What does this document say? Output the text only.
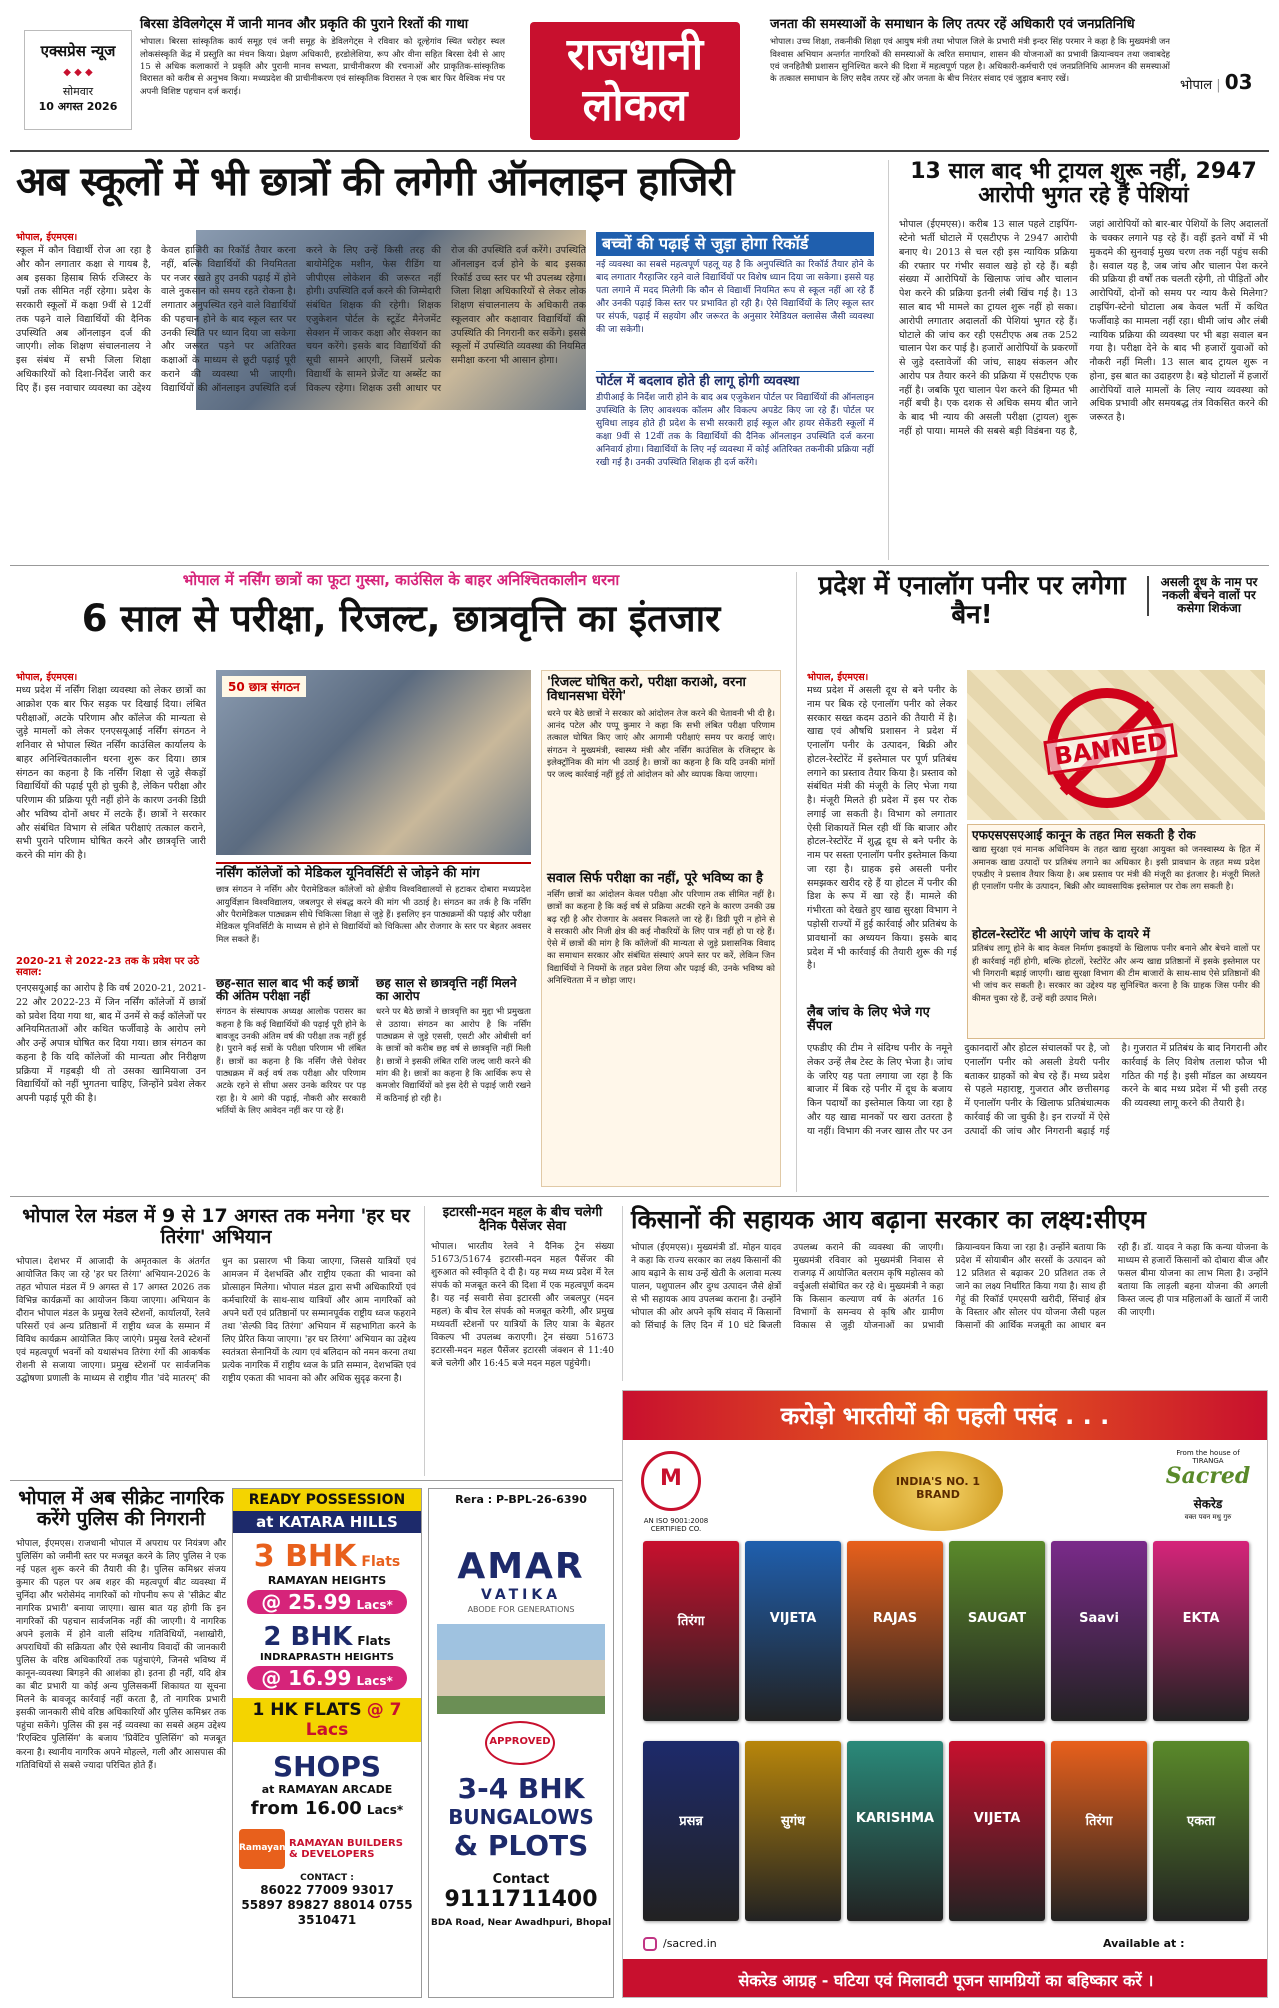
एक्सप्रेस न्यूज
◆ ◆ ◆
सोमवार
10 अगस्त 2026
बिरसा डेविलगेट्स में जानी मानव और प्रकृति की पुराने रिश्तों की गाथा
भोपाल। बिरसा सांस्कृतिक कार्य समूह एवं जनी समूह के डेविलगेट्स ने रविवार को दूल्हेगांव स्थित धरोहर स्थल लोकसंस्कृति केंद्र में प्रस्तुति का मंचन किया। प्रेक्षण अधिकारी, हरडोलेशिया, रूप और वीना सहित बिरसा देवी से आए 15 से अधिक कलाकारों ने प्रकृति और पुरानी मानव सभ्यता, प्राचीनीकरण की रचनाओं और प्राकृतिक-सांस्कृतिक विरासत को करीब से अनुभव किया। मध्यप्रदेश की प्राचीनीकरण एवं सांस्कृतिक विरासत ने एक बार फिर वैश्विक मंच पर अपनी विशिष्ट पहचान दर्ज कराई।
राजधानी लोकल
जनता की समस्याओं के समाधान के लिए तत्पर रहें अधिकारी एवं जनप्रतिनिधि
भोपाल। उच्च शिक्षा, तकनीकी शिक्षा एवं आयुष मंत्री तथा भोपाल जिले के प्रभारी मंत्री इन्दर सिंह परमार ने कहा है कि मुख्यमंत्री जन विश्वास अभियान अन्तर्गत नागरिकों की समस्याओं के त्वरित समाधान, शासन की योजनाओं का प्रभावी क्रियान्वयन तथा जवाबदेह एवं जनहितैषी प्रशासन सुनिश्चित करने की दिशा में महत्वपूर्ण पहल है। अधिकारी-कर्मचारी एवं जनप्रतिनिधि आमजन की समस्याओं के तत्काल समाधान के लिए सदैव तत्पर रहें और जनता के बीच निरंतर संवाद एवं जुड़ाव बनाए रखें।	भोपाल | 03
अब स्कूलों में भी छात्रों की लगेगी ऑनलाइन हाजिरी
भोपाल, ईएमएस।
स्कूल में कौन विद्यार्थी रोज आ रहा है और कौन लगातार कक्षा से गायब है, अब इसका हिसाब सिर्फ रजिस्टर के पन्नों तक सीमित नहीं रहेगा। प्रदेश के सरकारी स्कूलों में कक्षा 9वीं से 12वीं तक पढ़ने वाले विद्यार्थियों की दैनिक उपस्थिति अब ऑनलाइन दर्ज की जाएगी। लोक शिक्षण संचालनालय ने इस संबंध में सभी जिला शिक्षा अधिकारियों को दिशा-निर्देश जारी कर दिए हैं। इस नवाचार व्यवस्था का उद्देश्य केवल हाजिरी का रिकॉर्ड तैयार करना नहीं, बल्कि विद्यार्थियों की नियमितता पर नजर रखते हुए उनकी पढ़ाई में होने वाले नुकसान को समय रहते रोकना है। लगातार अनुपस्थित रहने वाले विद्यार्थियों की पहचान होने के बाद स्कूल स्तर पर उनकी स्थिति पर ध्यान दिया जा सकेगा और जरूरत पड़ने पर अतिरिक्त कक्षाओं के माध्यम से छूटी पढ़ाई पूरी कराने की व्यवस्था भी जाएगी। विद्यार्थियों की ऑनलाइन उपस्थिति दर्ज करने के लिए उन्हें किसी तरह की बायोमेट्रिक मशीन, फेस रीडिंग या जीपीएस लोकेशन की जरूरत नहीं होगी। उपस्थिति दर्ज करने की जिम्मेदारी संबंधित शिक्षक की रहेगी। शिक्षक एजुकेशन पोर्टल के स्टूडेंट मैनेजमेंट सेक्शन में जाकर कक्षा और सेक्शन का चयन करेंगे। इसके बाद विद्यार्थियों की सूची सामने आएगी, जिसमें प्रत्येक विद्यार्थी के सामने प्रेजेंट या अब्सेंट का विकल्प रहेगा। शिक्षक उसी आधार पर रोज की उपस्थिति दर्ज करेंगे। उपस्थिति ऑनलाइन दर्ज होने के बाद इसका रिकॉर्ड उच्च स्तर पर भी उपलब्ध रहेगा। जिला शिक्षा अधिकारियों से लेकर लोक शिक्षण संचालनालय के अधिकारी तक स्कूलवार और कक्षावार विद्यार्थियों की उपस्थिति की निगरानी कर सकेंगे। इससे स्कूलों में उपस्थिति व्यवस्था की नियमित समीक्षा करना भी आसान होगा।
बच्चों की पढ़ाई से जुड़ा होगा रिकॉर्ड
नई व्यवस्था का सबसे महत्वपूर्ण पहलू यह है कि अनुपस्थिति का रिकॉर्ड तैयार होने के बाद लगातार गैरहाजिर रहने वाले विद्यार्थियों पर विशेष ध्यान दिया जा सकेगा। इससे यह पता लगाने में मदद मिलेगी कि कौन से विद्यार्थी नियमित रूप से स्कूल नहीं आ रहे हैं और उनकी पढ़ाई किस स्तर पर प्रभावित हो रही है। ऐसे विद्यार्थियों के लिए स्कूल स्तर पर संपर्क, पढ़ाई में सहयोग और जरूरत के अनुसार रेमेडियल क्लासेस जैसी व्यवस्था की जा सकेगी।
पोर्टल में बदलाव होते ही लागू होगी व्यवस्था
डीपीआई के निर्देश जारी होने के बाद अब एजुकेशन पोर्टल पर विद्यार्थियों की ऑनलाइन उपस्थिति के लिए आवश्यक कॉलम और विकल्प अपडेट किए जा रहे हैं। पोर्टल पर सुविधा लाइव होते ही प्रदेश के सभी सरकारी हाई स्कूल और हायर सेकेंडरी स्कूलों में कक्षा 9वीं से 12वीं तक के विद्यार्थियों की दैनिक ऑनलाइन उपस्थिति दर्ज करना अनिवार्य होगा। विद्यार्थियों के लिए नई व्यवस्था में कोई अतिरिक्त तकनीकी प्रक्रिया नहीं रखी गई है। उनकी उपस्थिति शिक्षक ही दर्ज करेंगे।
13 साल बाद भी ट्रायल शुरू नहीं, 2947 आरोपी भुगत रहे हैं पेशियां
भोपाल (ईएमएस)। करीब 13 साल पहले टाइपिंग-स्टेनो भर्ती घोटाले में एसटीएफ ने 2947 आरोपी बनाए थे। 2013 से चल रही इस न्यायिक प्रक्रिया की रफ्तार पर गंभीर सवाल खड़े हो रहे हैं। बड़ी संख्या में आरोपियों के खिलाफ जांच और चालान पेश करने की प्रक्रिया इतनी लंबी खिंच गई है। 13 साल बाद भी मामले का ट्रायल शुरू नहीं हो सका। आरोपी लगातार अदालतों की पेशियां भुगत रहे हैं। घोटाले की जांच कर रही एसटीएफ अब तक 252 चालान पेश कर पाई है। हजारों आरोपियों के प्रकरणों से जुड़े दस्तावेजों की जांच, साक्ष्य संकलन और आरोप पत्र तैयार करने की प्रक्रिया में एसटीएफ एक नहीं है। जबकि पूरा चालान पेश करने की हिम्मत भी नहीं बची है। एक दशक से अधिक समय बीत जाने के बाद भी न्याय की असली परीक्षा (ट्रायल) शुरू नहीं हो पाया। मामले की सबसे बड़ी विडंबना यह है, जहां आरोपियों को बार-बार पेशियों के लिए अदालतों के चक्कर लगाने पड़ रहे हैं। वहीं इतने वर्षों में भी मुकदमे की सुनवाई मुख्य चरण तक नहीं पहुंच सकी है। सवाल यह है, जब जांच और चालान पेश करने की प्रक्रिया ही वर्षों तक चलती रहेगी, तो पीड़ितों और आरोपियों, दोनों को समय पर न्याय कैसे मिलेगा? टाइपिंग-स्टेनो घोटाला अब केवल भर्ती में कथित फर्जीवाड़े का मामला नहीं रहा। धीमी जांच और लंबी न्यायिक प्रक्रिया की व्यवस्था पर भी बड़ा सवाल बन गया है। परीक्षा देने के बाद भी हजारों युवाओं को नौकरी नहीं मिली। 13 साल बाद ट्रायल शुरू न होना, इस बात का उदाहरण है। बड़े घोटालों में हजारों आरोपियों वाले मामलों के लिए न्याय व्यवस्था को अधिक प्रभावी और समयबद्ध तंत्र विकसित करने की जरूरत है।
भोपाल में नर्सिंग छात्रों का फूटा गुस्सा, काउंसिल के बाहर अनिश्चितकालीन धरना
6 साल से परीक्षा, रिजल्ट, छात्रवृत्ति का इंतजार
भोपाल, ईएमएस।
मध्य प्रदेश में नर्सिंग शिक्षा व्यवस्था को लेकर छात्रों का आक्रोश एक बार फिर सड़क पर दिखाई दिया। लंबित परीक्षाओं, अटके परिणाम और कॉलेज की मान्यता से जुड़े मामलों को लेकर एनएसयूआई नर्सिंग संगठन ने शनिवार से भोपाल स्थित नर्सिंग काउंसिल कार्यालय के बाहर अनिश्चितकालीन धरना शुरू कर दिया। छात्र संगठन का कहना है कि नर्सिंग शिक्षा से जुड़े सैकड़ों विद्यार्थियों की पढ़ाई पूरी हो चुकी है, लेकिन परीक्षा और परिणाम की प्रक्रिया पूरी नहीं होने के कारण उनकी डिग्री और भविष्य दोनों अधर में लटके हैं। छात्रों ने सरकार और संबंधित विभाग से लंबित परीक्षाएं तत्काल कराने, सभी पुराने परिणाम घोषित करने और छात्रवृत्ति जारी करने की मांग की है।
2020-21 से 2022-23 तक के प्रवेश पर उठे सवाल:
एनएसयूआई का आरोप है कि वर्ष 2020-21, 2021-22 और 2022-23 में जिन नर्सिंग कॉलेजों में छात्रों को प्रवेश दिया गया था, बाद में उनमें से कई कॉलेजों पर अनियमितताओं और कथित फर्जीवाड़े के आरोप लगे और उन्हें अपात्र घोषित कर दिया गया। छात्र संगठन का कहना है कि यदि कॉलेजों की मान्यता और निरीक्षण प्रक्रिया में गड़बड़ी थी तो उसका खामियाजा उन विद्यार्थियों को नहीं भुगतना चाहिए, जिन्होंने प्रवेश लेकर अपनी पढ़ाई पूरी की है।
50 छात्र संगठन
नर्सिंग कॉलेजों को मेडिकल यूनिवर्सिटी से जोड़ने की मांग
छात्र संगठन ने नर्सिंग और पैरामेडिकल कॉलेजों को क्षेत्रीय विश्वविद्यालयों से हटाकर दोबारा मध्यप्रदेश आयुर्विज्ञान विश्वविद्यालय, जबलपुर से संबद्ध करने की मांग भी उठाई है। संगठन का तर्क है कि नर्सिंग और पैरामेडिकल पाठ्यक्रम सीधे चिकित्सा शिक्षा से जुड़े हैं। इसलिए इन पाठ्यक्रमों की पढ़ाई और परीक्षा मेडिकल यूनिवर्सिटी के माध्यम से होने से विद्यार्थियों को चिकित्सा और रोजगार के स्तर पर बेहतर अवसर मिल सकते हैं।
छह-सात साल बाद भी कई छात्रों की अंतिम परीक्षा नहीं
संगठन के संस्थापक अध्यक्ष आलोक परासर का कहना है कि कई विद्यार्थियों की पढ़ाई पूरी होने के बावजूद उनकी अंतिम वर्ष की परीक्षा तक नहीं हुई है। पुराने कई सत्रों के परीक्षा परिणाम भी लंबित हैं। छात्रों का कहना है कि नर्सिंग जैसे पेशेवर पाठ्यक्रम में कई वर्ष तक परीक्षा और परिणाम अटके रहने से सीधा असर उनके करियर पर पड़ रहा है। ये आगे की पढ़ाई, नौकरी और सरकारी भर्तियों के लिए आवेदन नहीं कर पा रहे हैं।
छह साल से छात्रवृत्ति नहीं मिलने का आरोप
धरने पर बैठे छात्रों ने छात्रवृत्ति का मुद्दा भी प्रमुखता से उठाया। संगठन का आरोप है कि नर्सिंग पाठ्यक्रम से जुड़े एससी, एसटी और ओबीसी वर्ग के छात्रों को करीब छह वर्ष से छात्रवृत्ति नहीं मिली है। छात्रों ने इसकी लंबित राशि जल्द जारी करने की मांग की है। छात्रों का कहना है कि आर्थिक रूप से कमजोर विद्यार्थियों को इस देरी से पढ़ाई जारी रखने में कठिनाई हो रही है।
'रिजल्ट घोषित करो, परीक्षा कराओ, वरना विधानसभा घेरेंगे'
धरने पर बैठे छात्रों ने सरकार को आंदोलन तेज करने की चेतावनी भी दी है। आनंद पटेल और पप्पू कुमार ने कहा कि सभी लंबित परीक्षा परिणाम तत्काल घोषित किए जाएं और आगामी परीक्षाएं समय पर कराई जाएं। संगठन ने मुख्यमंत्री, स्वास्थ्य मंत्री और नर्सिंग काउंसिल के रजिस्ट्रार के इलेक्ट्रॉनिक की मांग भी उठाई है। छात्रों का कहना है कि यदि उनकी मांगों पर जल्द कार्रवाई नहीं हुई तो आंदोलन को और व्यापक किया जाएगा।
सवाल सिर्फ परीक्षा का नहीं, पूरे भविष्य का है
नर्सिंग छात्रों का आंदोलन केवल परीक्षा और परिणाम तक सीमित नहीं है। छात्रों का कहना है कि कई वर्ष से प्रक्रिया अटकी रहने के कारण उनकी उम्र बढ़ रही है और रोजगार के अवसर निकलते जा रहे हैं। डिग्री पूरी न होने से वे सरकारी और निजी क्षेत्र की कई नौकरियों के लिए पात्र नहीं हो पा रहे हैं। ऐसे में छात्रों की मांग है कि कॉलेजों की मान्यता से जुड़े प्रशासनिक विवाद का समाधान सरकार और संबंधित संस्थाएं अपने स्तर पर करें, लेकिन जिन विद्यार्थियों ने नियमों के तहत प्रवेश लिया और पढ़ाई की, उनके भविष्य को अनिश्चितता में न छोड़ा जाए।
प्रदेश में एनालॉग पनीर पर लगेगा बैन!
असली दूध के नाम पर नकली बेचने वालों पर कसेगा शिकंजा
भोपाल, ईएमएस।
मध्य प्रदेश में असली दूध से बने पनीर के नाम पर बिक रहे एनालॉग पनीर को लेकर सरकार सख्त कदम उठाने की तैयारी में है। खाद्य एवं औषधि प्रशासन ने प्रदेश में एनालॉग पनीर के उत्पादन, बिक्री और होटल-रेस्टोरेंट में इस्तेमाल पर पूर्ण प्रतिबंध लगाने का प्रस्ताव तैयार किया है। प्रस्ताव को संबंधित मंत्री की मंजूरी के लिए भेजा गया है। मंजूरी मिलते ही प्रदेश में इस पर रोक लगाई जा सकती है। विभाग को लगातार ऐसी शिकायतें मिल रही थीं कि बाजार और होटल-रेस्टोरेंट में शुद्ध दूध से बने पनीर के नाम पर सस्ता एनालॉग पनीर इस्तेमाल किया जा रहा है। ग्राहक इसे असली पनीर समझकर खरीद रहे हैं या होटल में पनीर की डिश के रूप में खा रहे हैं। मामले की गंभीरता को देखते हुए खाद्य सुरक्षा विभाग ने पड़ोसी राज्यों में हुई कार्रवाई और प्रतिबंध के प्रावधानों का अध्ययन किया। इसके बाद प्रदेश में भी कार्रवाई की तैयारी शुरू की गई है।
लैब जांच के लिए भेजे गए सैंपल
एफडीए की टीम ने संदिग्ध पनीर के नमूने लेकर उन्हें लैब टेस्ट के लिए भेजा है। जांच के जरिए यह पता लगाया जा रहा है कि बाजार में बिक रहे पनीर में दूध के बजाय किन पदार्थों का इस्तेमाल किया जा रहा है और यह खाद्य मानकों पर खरा उतरता है या नहीं। विभाग की नजर खास तौर पर उन दुकानदारों और होटल संचालकों पर है, जो एनालॉग पनीर को असली डेयरी पनीर बताकर ग्राहकों को बेच रहे हैं। मध्य प्रदेश से पहले महाराष्ट्र, गुजरात और छत्तीसगढ़ में एनालॉग पनीर के खिलाफ प्रतिबंधात्मक कार्रवाई की जा चुकी है। इन राज्यों में ऐसे उत्पादों की जांच और निगरानी बढ़ाई गई है। गुजरात में प्रतिबंध के बाद निगरानी और कार्रवाई के लिए विशेष तलाश फौज भी गठित की गई है। इसी मॉडल का अध्ययन करने के बाद मध्य प्रदेश में भी इसी तरह की व्यवस्था लागू करने की तैयारी है।
BANNED
एफएसएसएआई कानून के तहत मिल सकती है रोक
खाद्य सुरक्षा एवं मानक अधिनियम के तहत खाद्य सुरक्षा आयुक्त को जनस्वास्थ्य के हित में अमानक खाद्य उत्पादों पर प्रतिबंध लगाने का अधिकार है। इसी प्रावधान के तहत मध्य प्रदेश एफडीए ने प्रस्ताव तैयार किया है। अब प्रस्ताव पर मंत्री की मंजूरी का इंतजार है। मंजूरी मिलते ही एनालॉग पनीर के उत्पादन, बिक्री और व्यावसायिक इस्तेमाल पर रोक लग सकती है।
होटल-रेस्टोरेंट भी आएंगे जांच के दायरे में
प्रतिबंध लागू होने के बाद केवल निर्माण इकाइयों के खिलाफ पनीर बनाने और बेचने वालों पर ही कार्रवाई नहीं होगी, बल्कि होटलों, रेस्टोरेंट और अन्य खाद्य प्रतिष्ठानों में इसके इस्तेमाल पर भी निगरानी बढ़ाई जाएगी। खाद्य सुरक्षा विभाग की टीम बाजारों के साथ-साथ ऐसे प्रतिष्ठानों की भी जांच कर सकती है। सरकार का उद्देश्य यह सुनिश्चित करना है कि ग्राहक जिस पनीर की कीमत चुका रहे हैं, उन्हें वही उत्पाद मिले।
भोपाल रेल मंडल में 9 से 17 अगस्त तक मनेगा 'हर घर तिरंगा' अभियान
भोपाल। देशभर में आजादी के अमृतकाल के अंतर्गत आयोजित किए जा रहे 'हर घर तिरंगा' अभियान-2026 के तहत भोपाल मंडल में 9 अगस्त से 17 अगस्त 2026 तक विभिन्न कार्यक्रमों का आयोजन किया जाएगा। अभियान के दौरान भोपाल मंडल के प्रमुख रेलवे स्टेशनों, कार्यालयों, रेलवे परिसरों एवं अन्य प्रतिष्ठानों में राष्ट्रीय ध्वज के सम्मान में विविध कार्यक्रम आयोजित किए जाएंगे। प्रमुख रेलवे स्टेशनों एवं महत्वपूर्ण भवनों को यथासंभव तिरंगा रंगों की आकर्षक रोशनी से सजाया जाएगा। प्रमुख स्टेशनों पर सार्वजनिक उद्घोषणा प्रणाली के माध्यम से राष्ट्रीय गीत 'वंदे मातरम्' की धुन का प्रसारण भी किया जाएगा, जिससे यात्रियों एवं आमजन में देशभक्ति और राष्ट्रीय एकता की भावना को प्रोत्साहन मिलेगा। भोपाल मंडल द्वारा सभी अधिकारियों एवं कर्मचारियों के साथ-साथ यात्रियों और आम नागरिकों को अपने घरों एवं प्रतिष्ठानों पर सम्मानपूर्वक राष्ट्रीय ध्वज फहराने तथा 'सेल्फी विद तिरंगा' अभियान में सहभागिता करने के लिए प्रेरित किया जाएगा। 'हर घर तिरंगा' अभियान का उद्देश्य स्वतंत्रता सेनानियों के त्याग एवं बलिदान को नमन करना तथा प्रत्येक नागरिक में राष्ट्रीय ध्वज के प्रति सम्मान, देशभक्ति एवं राष्ट्रीय एकता की भावना को और अधिक सुदृढ़ करना है।
इटारसी-मदन महल के बीच चलेगी दैनिक पैसेंजर सेवा
भोपाल। भारतीय रेलवे ने दैनिक ट्रेन संख्या 51673/51674 इटारसी-मदन महल पैसेंजर की शुरुआत को स्वीकृति दे दी है। यह मध्य मध्य प्रदेश में रेल संपर्क को मजबूत करने की दिशा में एक महत्वपूर्ण कदम है। यह नई सवारी सेवा इटारसी और जबलपुर (मदन महल) के बीच रेल संपर्क को मजबूत करेगी, और प्रमुख मध्यवर्ती स्टेशनों पर यात्रियों के लिए यात्रा के बेहतर विकल्प भी उपलब्ध कराएगी। ट्रेन संख्या 51673 इटारसी-मदन महल पैसेंजर इटारसी जंक्शन से 11:40 बजे चलेगी और 16:45 बजे मदन महल पहुंचेगी।
किसानों की सहायक आय बढ़ाना सरकार का लक्ष्य:सीएम
भोपाल (ईएमएस)। मुख्यमंत्री डॉ. मोहन यादव ने कहा कि राज्य सरकार का लक्ष्य किसानों की आय बढ़ाने के साथ उन्हें खेती के अलावा मत्स्य पालन, पशुपालन और दुग्ध उत्पादन जैसे क्षेत्रों से भी सहायक आय उपलब्ध कराना है। उन्होंने भोपाल की ओर अपने कृषि संवाद में किसानों को सिंचाई के लिए दिन में 10 घंटे बिजली उपलब्ध कराने की व्यवस्था की जाएगी। मुख्यमंत्री रविवार को मुख्यमंत्री निवास से राजगढ़ में आयोजित बलराम कृषि महोत्सव को वर्चुअली संबोधित कर रहे थे। मुख्यमंत्री ने कहा कि किसान कल्याण वर्ष के अंतर्गत 16 विभागों के समन्वय से कृषि और ग्रामीण विकास से जुड़ी योजनाओं का प्रभावी क्रियान्वयन किया जा रहा है। उन्होंने बताया कि प्रदेश में सोयाबीन और सरसों के उत्पादन को 12 प्रतिशत से बढ़ाकर 20 प्रतिशत तक ले जाने का लक्ष्य निर्धारित किया गया है। साथ ही गेहूं की रिकॉर्ड एमएसपी खरीदी, सिंचाई क्षेत्र के विस्तार और सोलर पंप योजना जैसी पहल किसानों की आर्थिक मजबूती का आधार बन रही हैं। डॉ. यादव ने कहा कि कन्या योजना के माध्यम से हजारों किसानों को दोबारा बीज और फसल बीमा योजना का लाभ मिला है। उन्होंने बताया कि लाड़ली बहना योजना की अगली किस्त जल्द ही पात्र महिलाओं के खातों में जारी की जाएगी।
भोपाल में अब सीक्रेट नागरिक करेंगे पुलिस की निगरानी
भोपाल, ईएमएस। राजधानी भोपाल में अपराध पर नियंत्रण और पुलिसिंग को जमीनी स्तर पर मजबूत करने के लिए पुलिस ने एक नई पहल शुरू करने की तैयारी की है। पुलिस कमिश्नर संजय कुमार की पहल पर अब शहर की महत्वपूर्ण बीट व्यवस्था में चुनिंदा और भरोसेमंद नागरिकों को गोपनीय रूप से 'सीक्रेट बीट नागरिक प्रभारी' बनाया जाएगा। खास बात यह होगी कि इन नागरिकों की पहचान सार्वजनिक नहीं की जाएगी। ये नागरिक अपने इलाके में होने वाली संदिग्ध गतिविधियों, नशाखोरी, अपराधियों की सक्रियता और ऐसे स्थानीय विवादों की जानकारी पुलिस के वरिष्ठ अधिकारियों तक पहुंचाएंगे, जिनसे भविष्य में कानून-व्यवस्था बिगड़ने की आशंका हो। इतना ही नहीं, यदि क्षेत्र का बीट प्रभारी या कोई अन्य पुलिसकर्मी शिकायत या सूचना मिलने के बावजूद कार्रवाई नहीं करता है, तो नागरिक प्रभारी इसकी जानकारी सीधे वरिष्ठ अधिकारियों और पुलिस कमिश्नर तक पहुंचा सकेंगे। पुलिस की इस नई व्यवस्था का सबसे अहम उद्देश्य 'रिएक्टिव पुलिसिंग' के बजाय 'प्रिवेंटिव पुलिसिंग' को मजबूत करना है। स्थानीय नागरिक अपने मोहल्ले, गली और आसपास की गतिविधियों से सबसे ज्यादा परिचित होते हैं।
READY POSSESSION
at KATARA HILLS
3 BHK Flats
RAMAYAN HEIGHTS
@ 25.99 Lacs*
2 BHK Flats
INDRAPRASTH HEIGHTS
@ 16.99 Lacs*
1 HK FLATS @ 7 Lacs
SHOPS
at RAMAYAN ARCADE
from 16.00 Lacs*
Ramayan RAMAYAN BUILDERS & DEVELOPERS
CONTACT :
86022 77009 93017 55897 89827 88014 0755 3510471
Rera : P-BPL-26-6390
AMAR
VATIKA
ABODE FOR GENERATIONS
APPROVED
3-4 BHK
BUNGALOWS
& PLOTS
Contact
9111711400
BDA Road, Near Awadhpuri, Bhopal
करोड़ो भारतीयों की पहली पसंद . . .
M
AN ISO 9001:2008 CERTIFIED CO.
INDIA'S NO. 1 BRAND
From the house of TIRANGA
Sacred
सेकरेड
वक्त पवन मधु गुरु
तिरंगा	VIJETA	RAJAS	SAUGAT	Saavi	EKTA
प्रसन्न	सुगंध	KARISHMA	VIJETA	तिरंगा	एकता
/sacred.in	Available at :
सेकरेड आग्रह - घटिया एवं मिलावटी पूजन सामग्रियों का बहिष्कार करें ।
